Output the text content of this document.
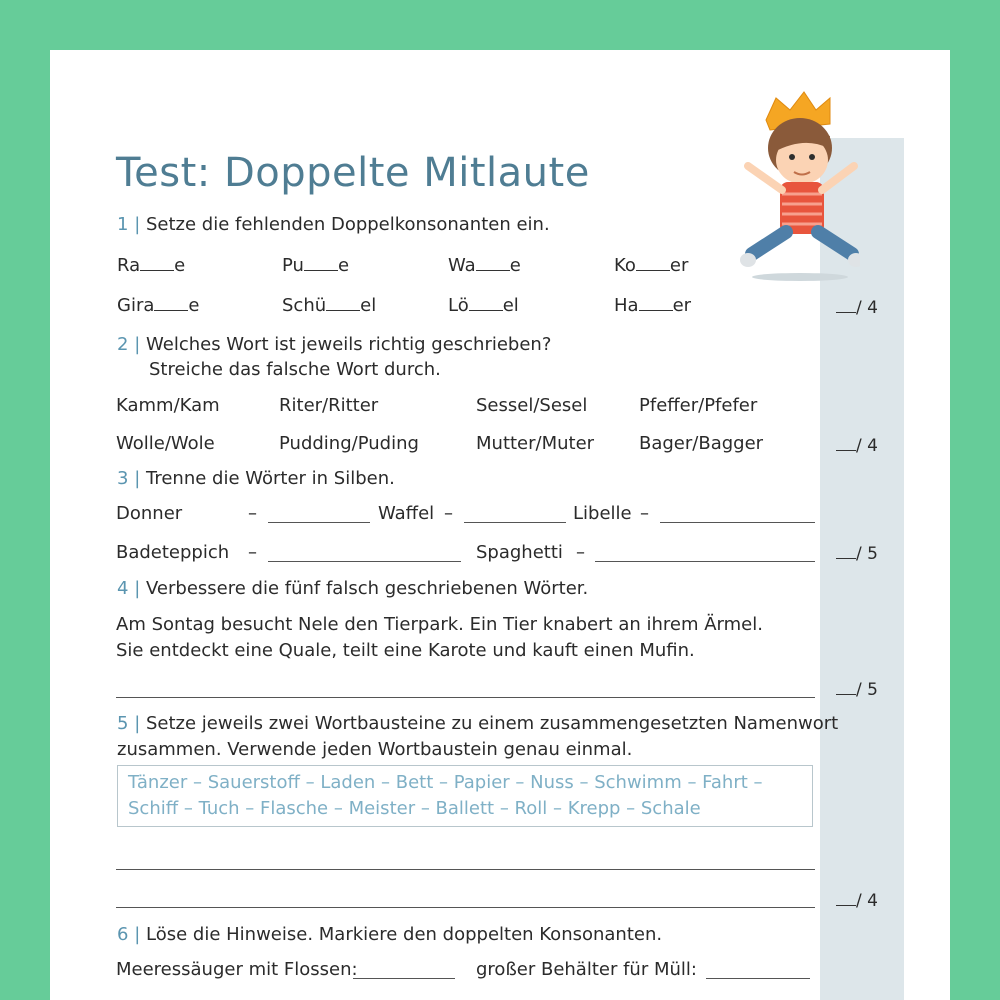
Test: Doppelte Mitlaute
1 | Setze die fehlenden Doppelkonsonanten ein.
Ra e	Pu e	Wa e	Ko er
Gira e	Schü el	Lö el	Ha er	/ 4
2 | Welches Wort ist jeweils richtig geschrieben?
Streiche das falsche Wort durch.
Kamm/Kam	Riter/Ritter	Sessel/Sesel	Pfeffer/Pfefer
Wolle/Wole	Pudding/Puding	Mutter/Muter Bager/Bagger	/ 4
3 | Trenne die Wörter in Silben.
Donner	–	Waffel –	Libelle –
Badeteppich –	Spaghetti –	/ 5
4 | Verbessere die fünf falsch geschriebenen Wörter.
Am Sontag besucht Nele den Tierpark. Ein Tier knabert an ihrem Ärmel.
Sie entdeckt eine Quale, teilt eine Karote und kauft einen Mufin.
/ 5
5 | Setze jeweils zwei Wortbausteine zu einem zusammengesetzten Namenwort
zusammen. Verwende jeden Wortbaustein genau einmal.
Tänzer – Sauerstoff – Laden – Bett – Papier – Nuss – Schwimm – Fahrt –
Schiff – Tuch – Flasche – Meister – Ballett – Roll – Krepp – Schale
/ 4
6 | Löse die Hinweise. Markiere den doppelten Konsonanten.
Meeressäuger mit Flossen:	großer Behälter für Müll:
